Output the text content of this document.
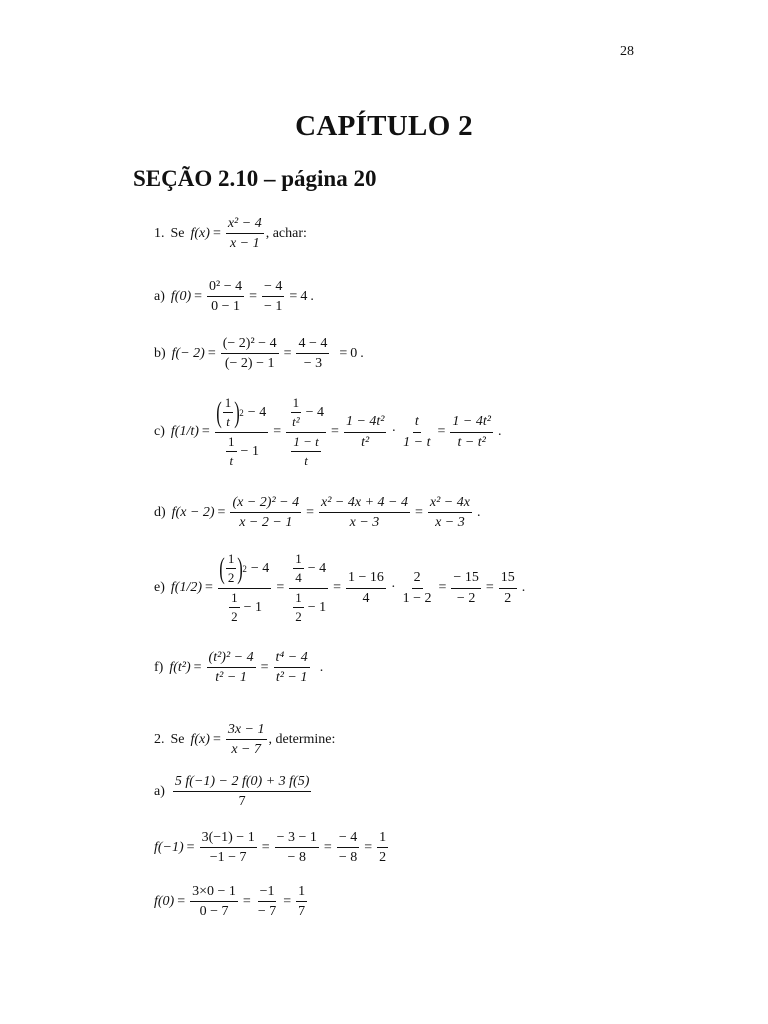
28
CAPÍTULO 2
SEÇÃO 2.10 – página 20
1. Se $f(x) = \frac{\text{x² − 4}}{x - 1}$ , achar:
a) $f(0) = \frac{\text{0² − 4}}{0 - 1} = \frac{- 4}{- 1} = 4$ .
b) $f(- 2) = \frac{\text{(− 2)² − 4}}{(- 2) - 1} = \frac{4 - 4}{- 3} = 0$ .
c) $f(1/t) = \frac{( \frac{1}{t} ) 2 - 4}{\frac{1}{t} - 1} = \frac{\frac{1}{\text{t²}} - 4}{\frac{1 - t}{t}} = \frac{\text{1 − 4t²}}{\text{t²}} \cdot \frac{t}{1 - t} = \frac{\text{1 − 4t²}}{\text{t − t²}}$ .
d) $f(x - 2) = \frac{\text{(x − 2)² − 4}}{x - 2 - 1} = \frac{\text{x² − 4x + 4 − 4}}{x - 3} = \frac{\text{x² − 4x}}{x - 3}$ .
e) $f(1/2) = \frac{( \frac{1}{2} ) 2 - 4}{\frac{1}{2} - 1} = \frac{\frac{1}{4} - 4}{\frac{1}{2} - 1} = \frac{1 - 16}{4} \cdot \frac{2}{1 - 2} = \frac{- 15}{- 2} = \frac{15}{2}$ .
f) $f(t^2) = \frac{\text{(t²)² − 4}}{\text{t² − 1}} = \frac{\text{t⁴ − 4}}{\text{t² − 1}}$ .
2. Se $f(x) = \frac{3x - 1}{x - 7}$ , determine:
$a) \frac{5 f(-1) - 2 f(0) + 3 f(5)}{7}$
$f(-1) = \frac{3(-1) - 1}{-1 - 7} = \frac{- 3 - 1}{- 8} = \frac{- 4}{- 8} = \frac{1}{2}$
$f(0) = \frac{3\times 0 - 1}{0 - 7} = \frac{-1}{- 7} = \frac{1}{7}$
